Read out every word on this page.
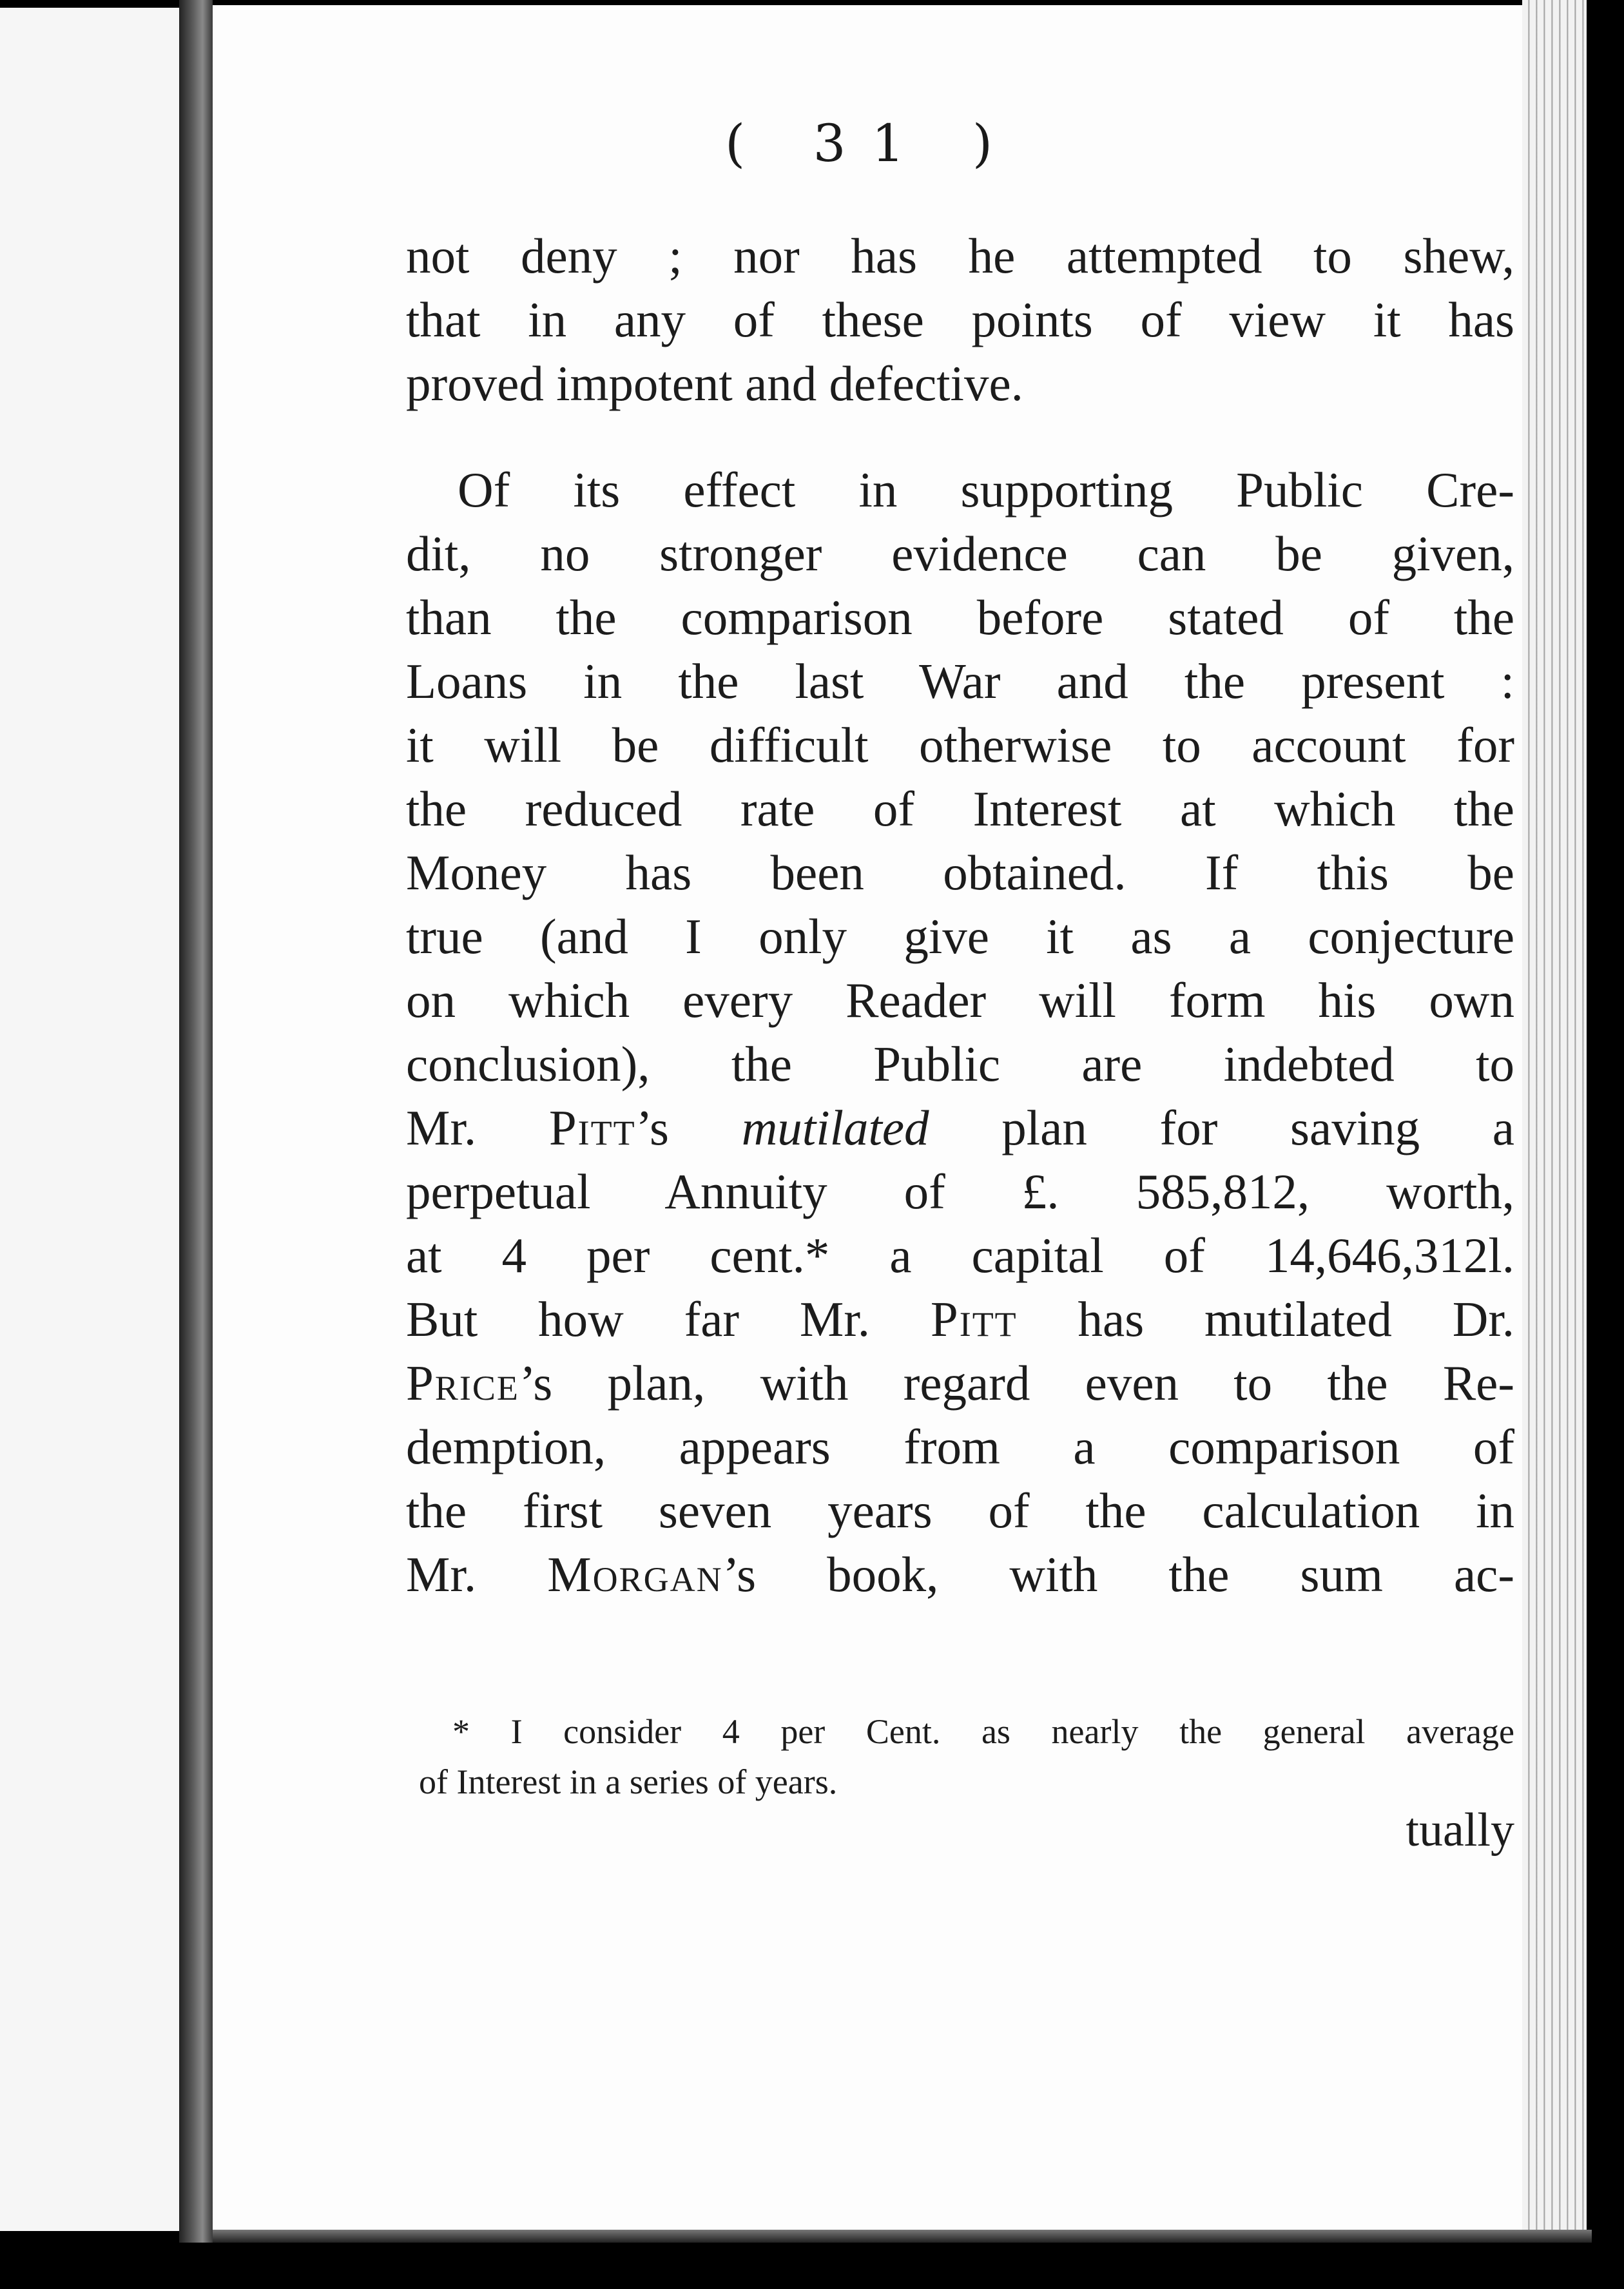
( 31 )
not deny ; nor has he attempted to shew,
that in any of these points of view it has
proved impotent and defective.
Of its effect in supporting Public Cre-
dit, no stronger evidence can be given,
than the comparison before stated of the
Loans in the last War and the present :
it will be difficult otherwise to account for
the reduced rate of Interest at which the
Money has been obtained. If this be
true (and I only give it as a conjecture
on which every Reader will form his own
conclusion), the Public are indebted to
Mr. Pitt’s mutilated plan for saving a
perpetual Annuity of £. 585,812, worth,
at 4 per cent.* a capital of 14,646,312l.
But how far Mr. Pitt has mutilated Dr.
Price’s plan, with regard even to the Re-
demption, appears from a comparison of
the first seven years of the calculation in
Mr. Morgan’s book, with the sum ac-
* I consider 4 per Cent. as nearly the general average
of Interest in a series of years.
tually
